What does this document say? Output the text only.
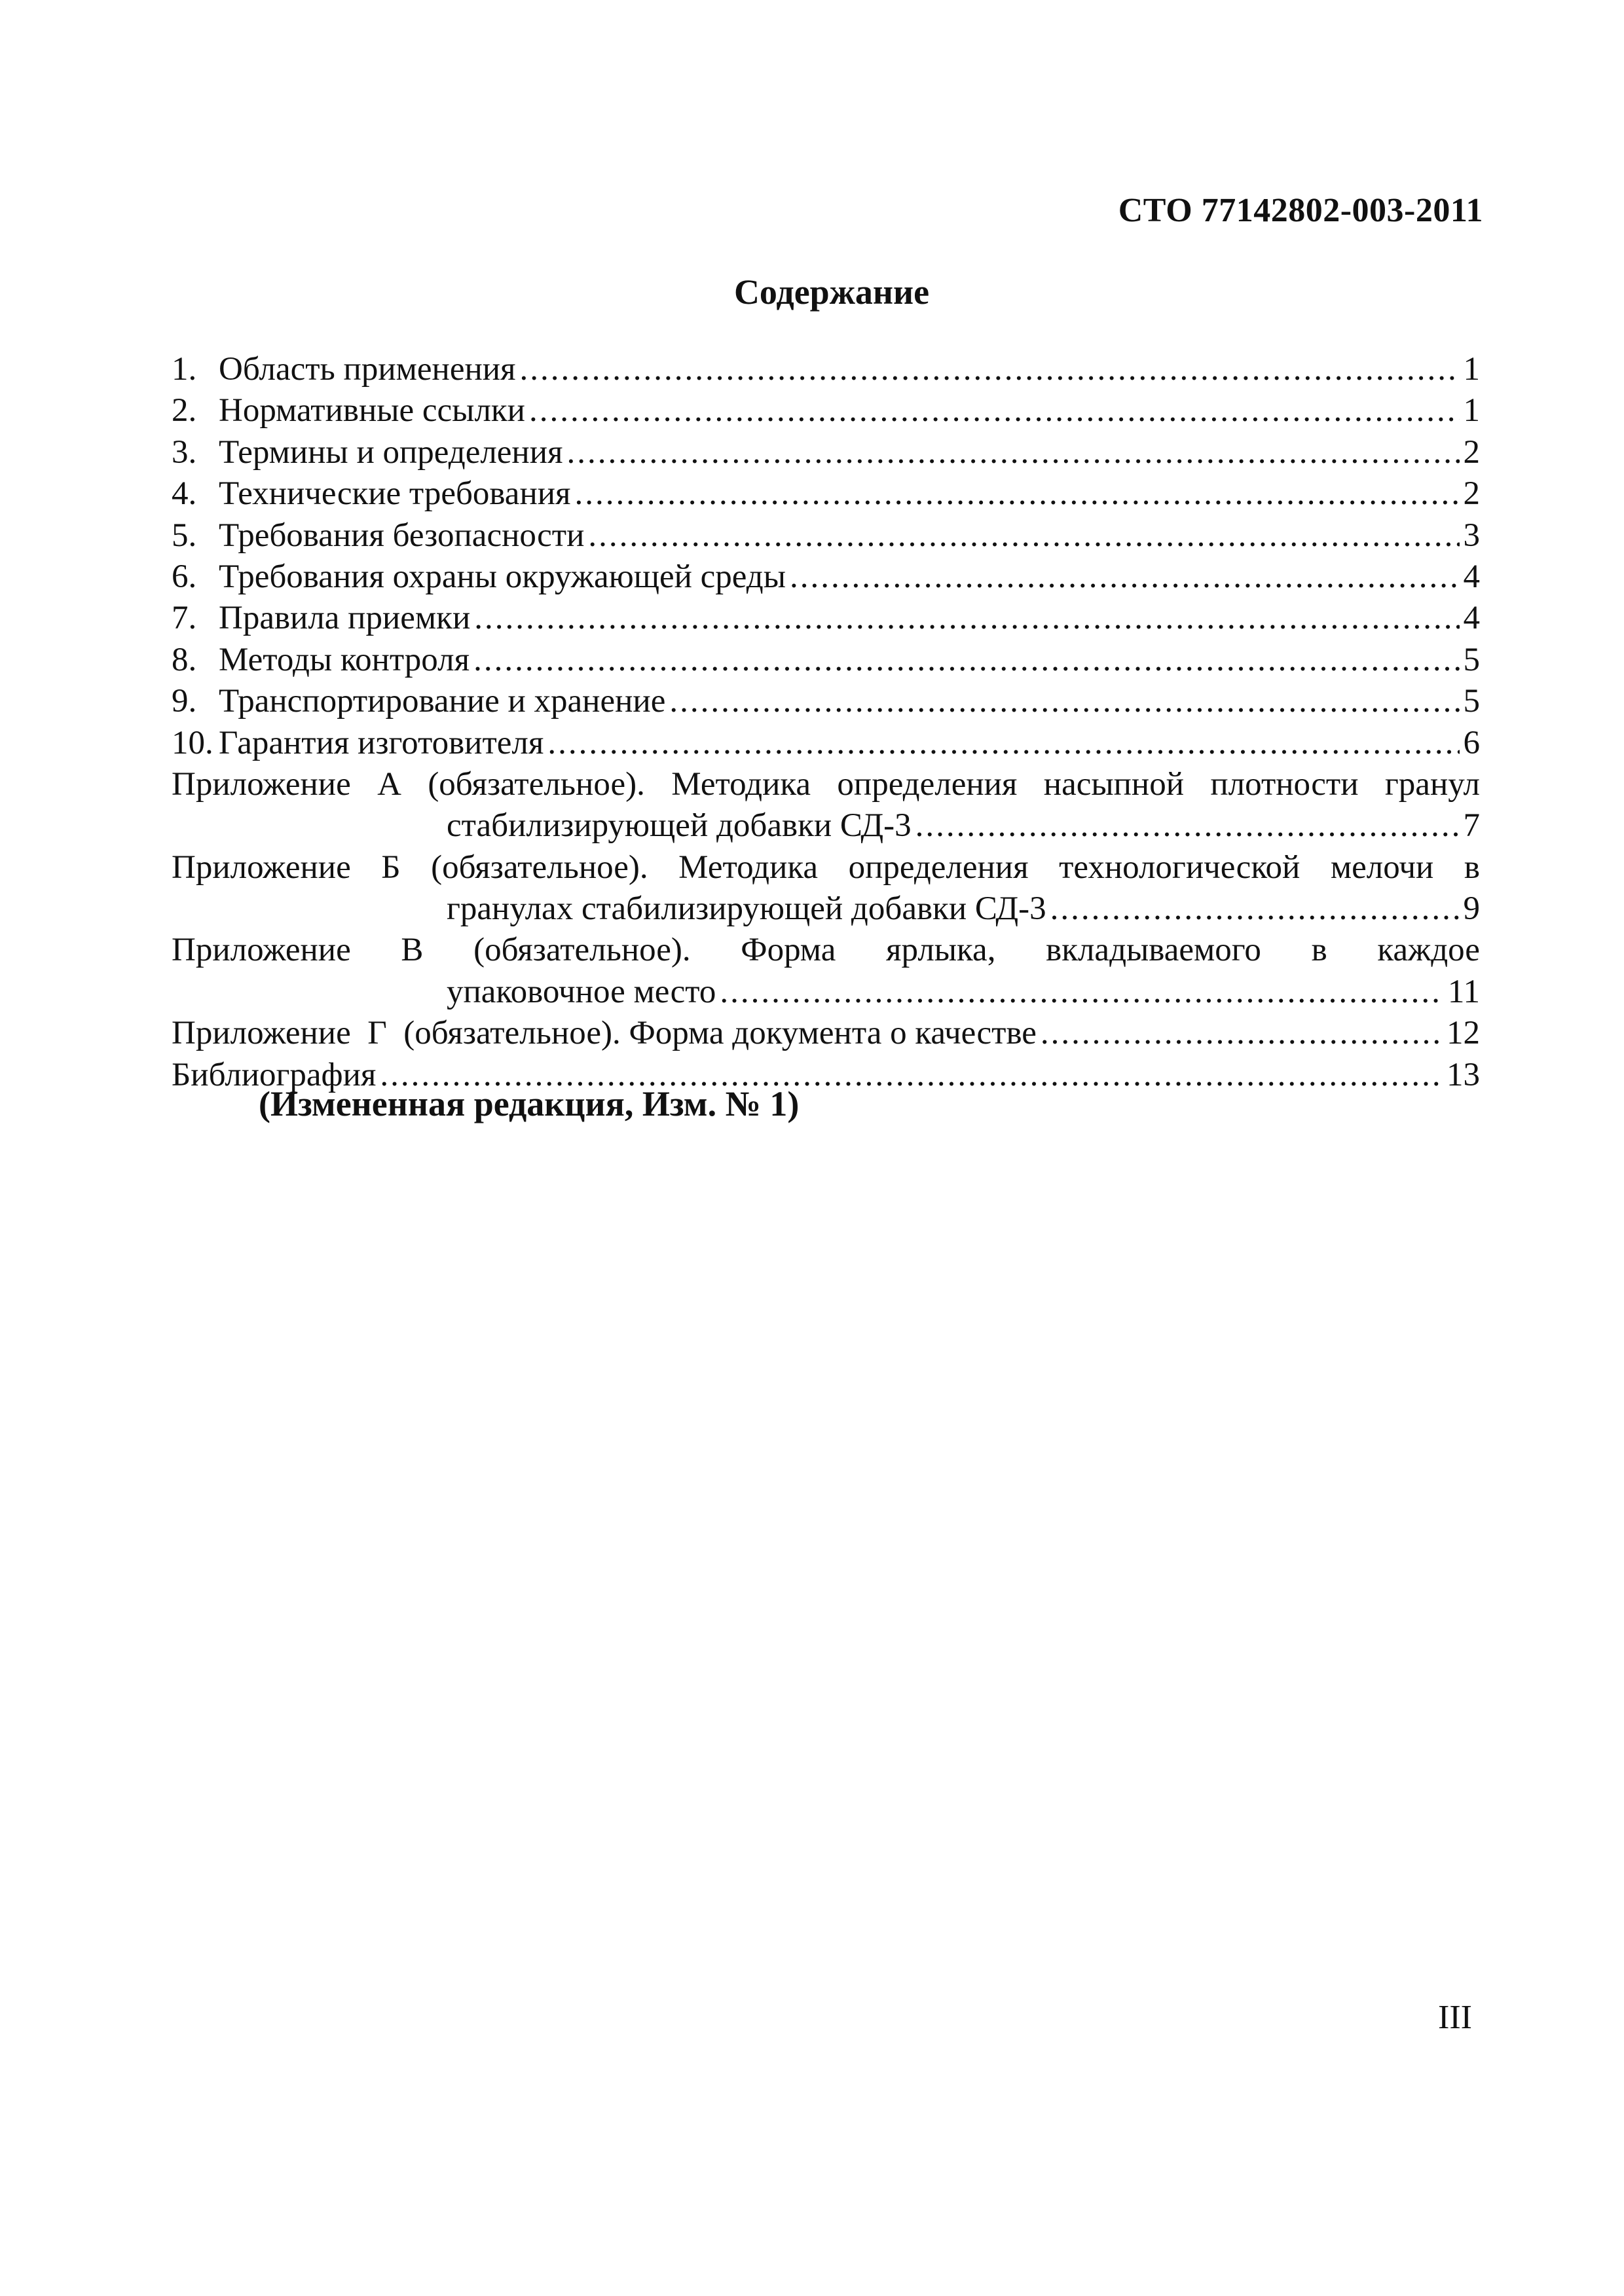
СТО 77142802-003-2011
Содержание
1. Область применения .....	1
2. Нормативные ссылки .....	1
3. Термины и определения .....	2
4. Технические требования .....	2
5. Требования безопасности .....	3
6. Требования охраны окружающей среды .....	4
7. Правила приемки .....	4
8. Методы контроля .....	5
9. Транспортирование и хранение .....	5
10. Гарантия изготовителя .....	6
Приложение А (обязательное). Методика определения насыпной плотности гранул
стабилизирующей добавки СД-3 .....	7
Приложение Б (обязательное). Методика определения технологической мелочи в
гранулах стабилизирующей добавки СД-3 .....	9
Приложение В (обязательное). Форма ярлыка, вкладываемого в каждое
упаковочное место .....	11
Приложение  Г  (обязательное). Форма документа о качестве .....	12
Библиография .....	13
(Измененная редакция, Изм. № 1)
III
